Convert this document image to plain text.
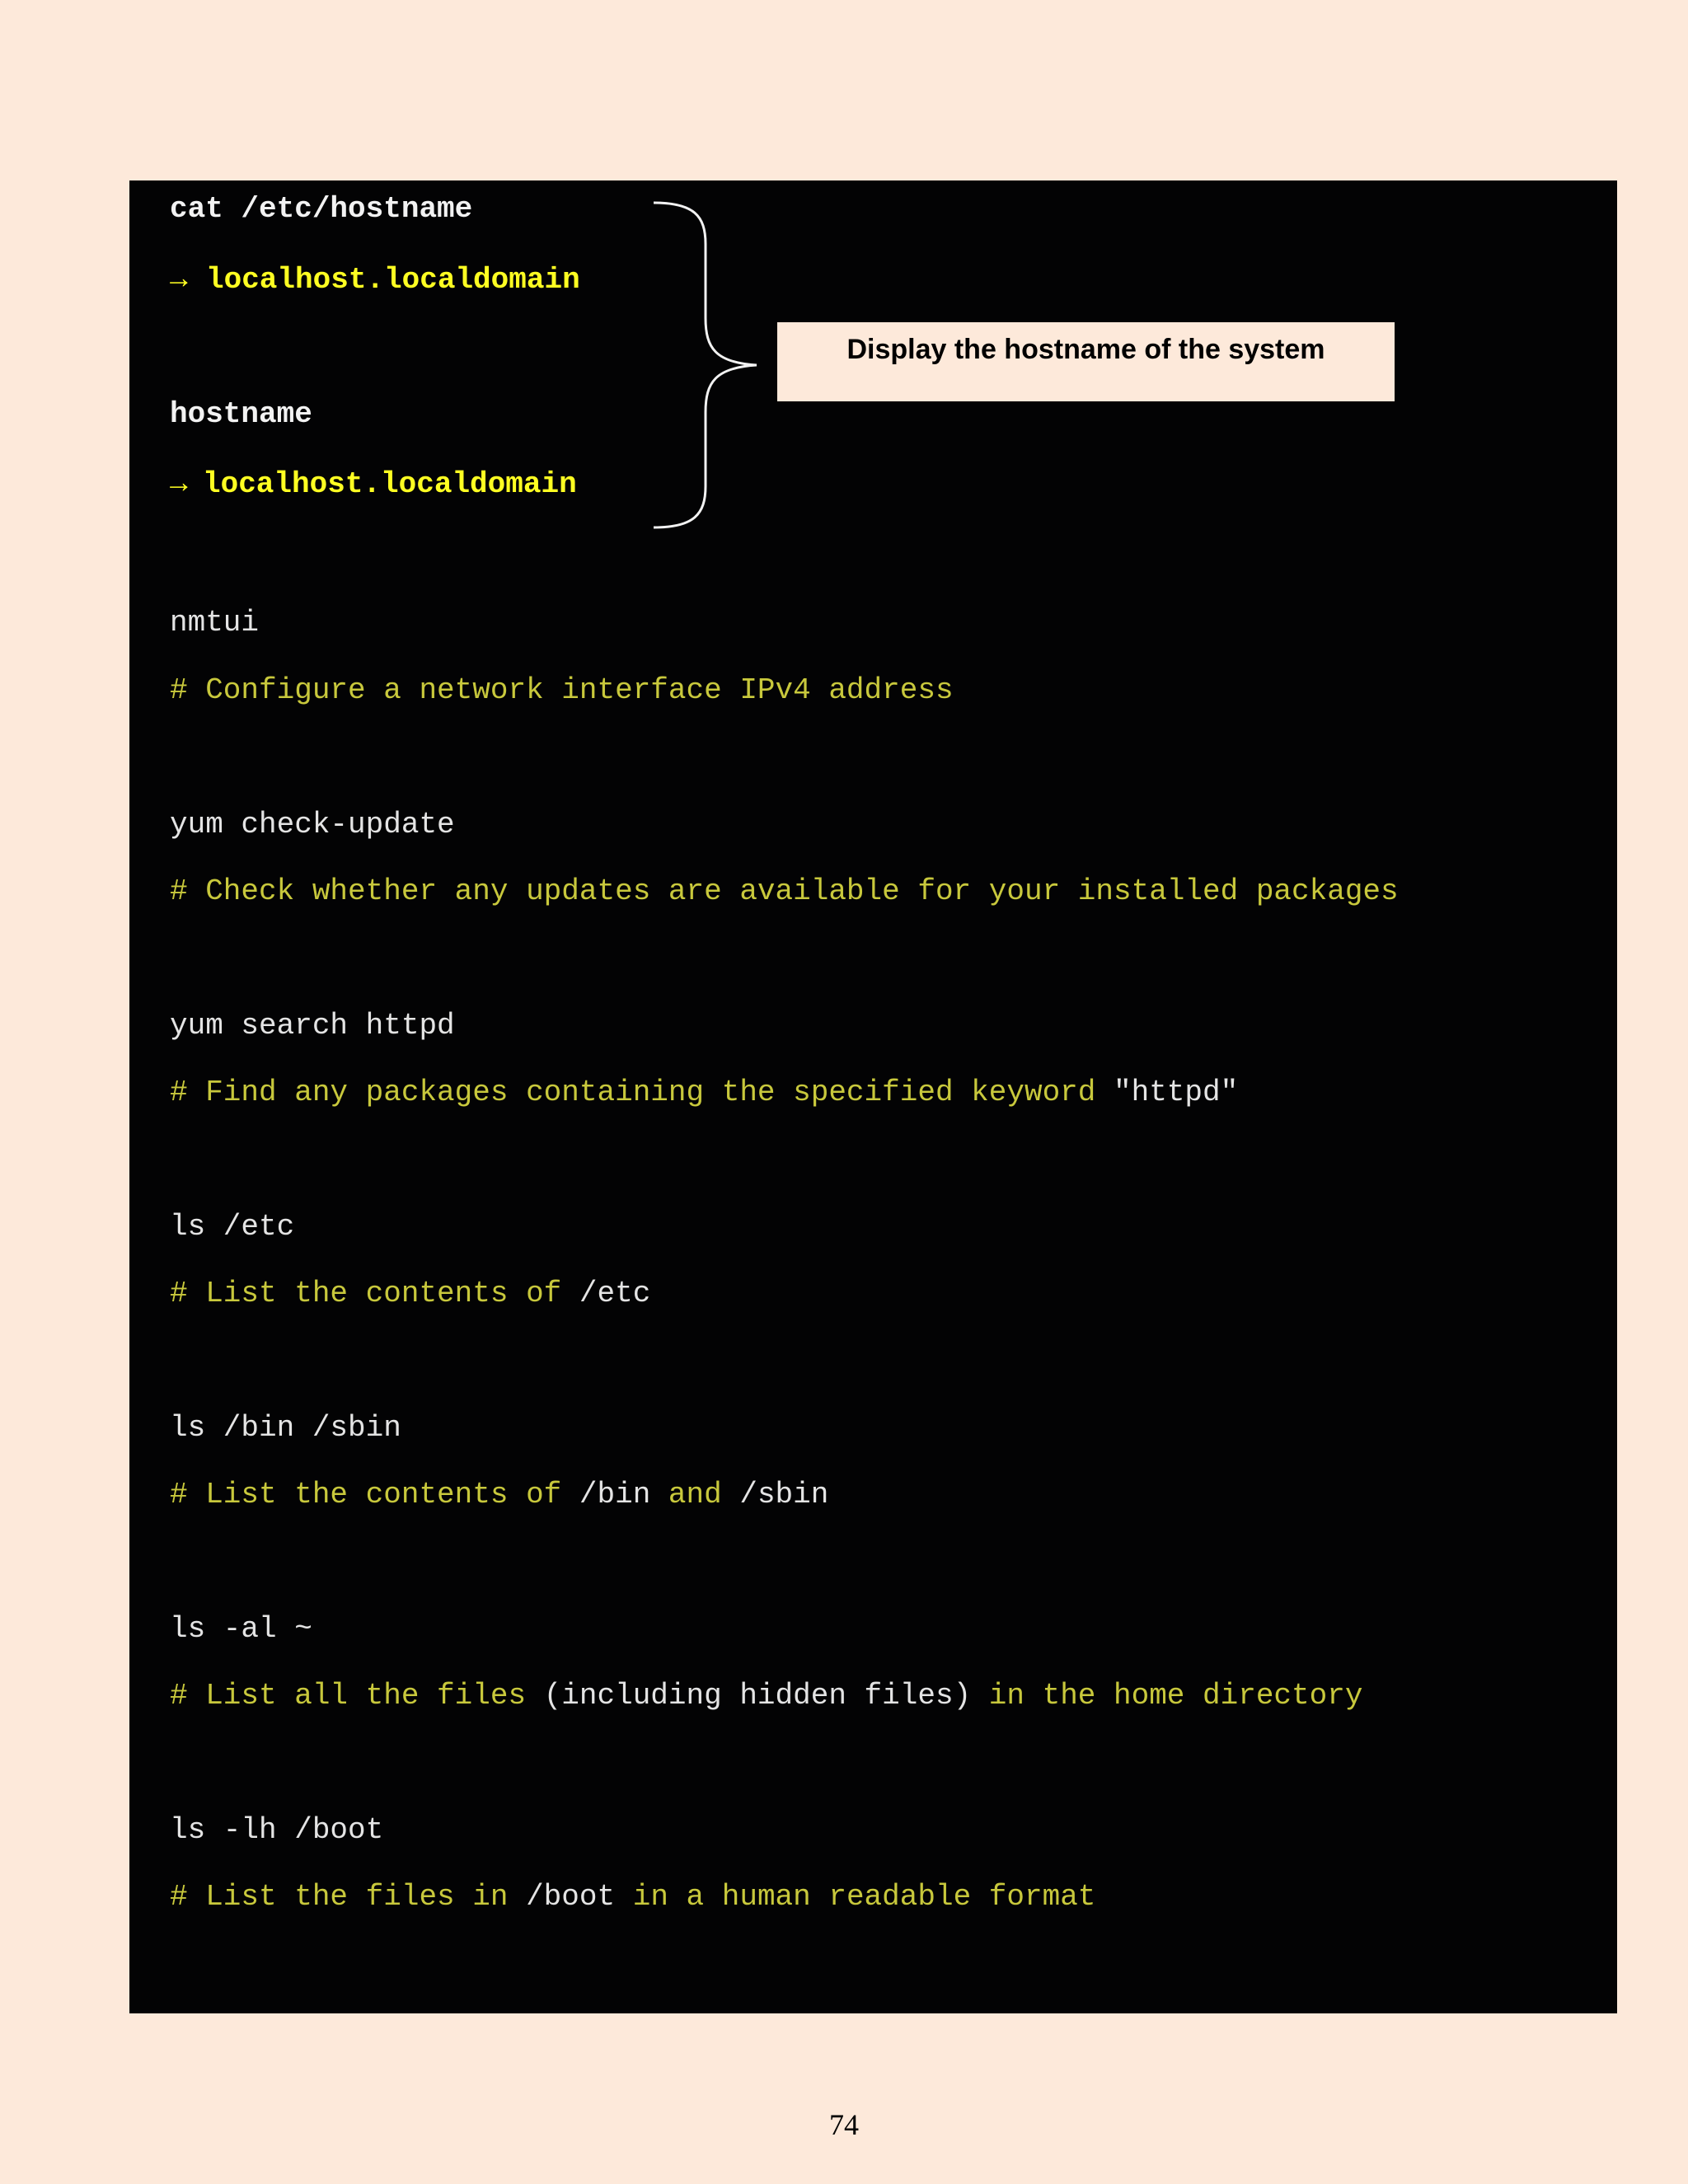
cat /etc/hostname
→ localhost.localdomain
hostname
→ localhost.localdomain
Display the hostname of the system
nmtui
# Configure a network interface IPv4 address
yum check-update
# Check whether any updates are available for your installed packages
yum search httpd
# Find any packages containing the specified keyword "httpd"
ls /etc
# List the contents of /etc
ls /bin /sbin
# List the contents of /bin and /sbin
ls -al ~
# List all the files (including hidden files) in the home directory
ls -lh /boot
# List the files in /boot in a human readable format
74
